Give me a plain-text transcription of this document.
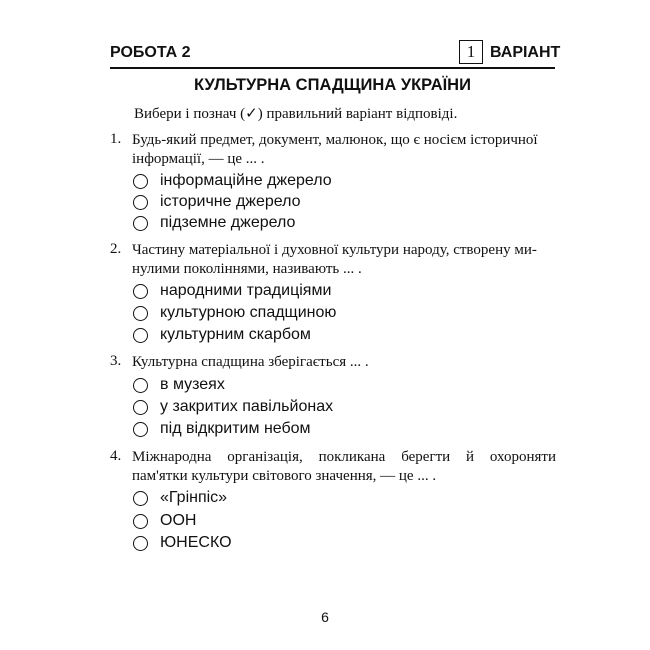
РОБОТА 2	1 ВАРІАНТ
КУЛЬТУРНА СПАДЩИНА УКРАЇНИ
Вибери і познач (✓) правильний варіант відповіді.
1. Будь-який предмет, документ, малюнок, що є носієм історичної
інформації, — це ... .
інформаційне джерело
історичне джерело
підземне джерело
2. Частину матеріальної і духовної культури народу, створену ми-
нулими поколіннями, називають ... .
народними традиціями
культурною спадщиною
культурним скарбом
3. Культурна спадщина зберігається ... .
в музеях
у закритих павільйонах
під відкритим небом
4. Міжнародна організація, покликана берегти й охороняти
пам'ятки культури світового значення, — це ... .
«Грінпіс»
ООН
ЮНЕСКО
6
